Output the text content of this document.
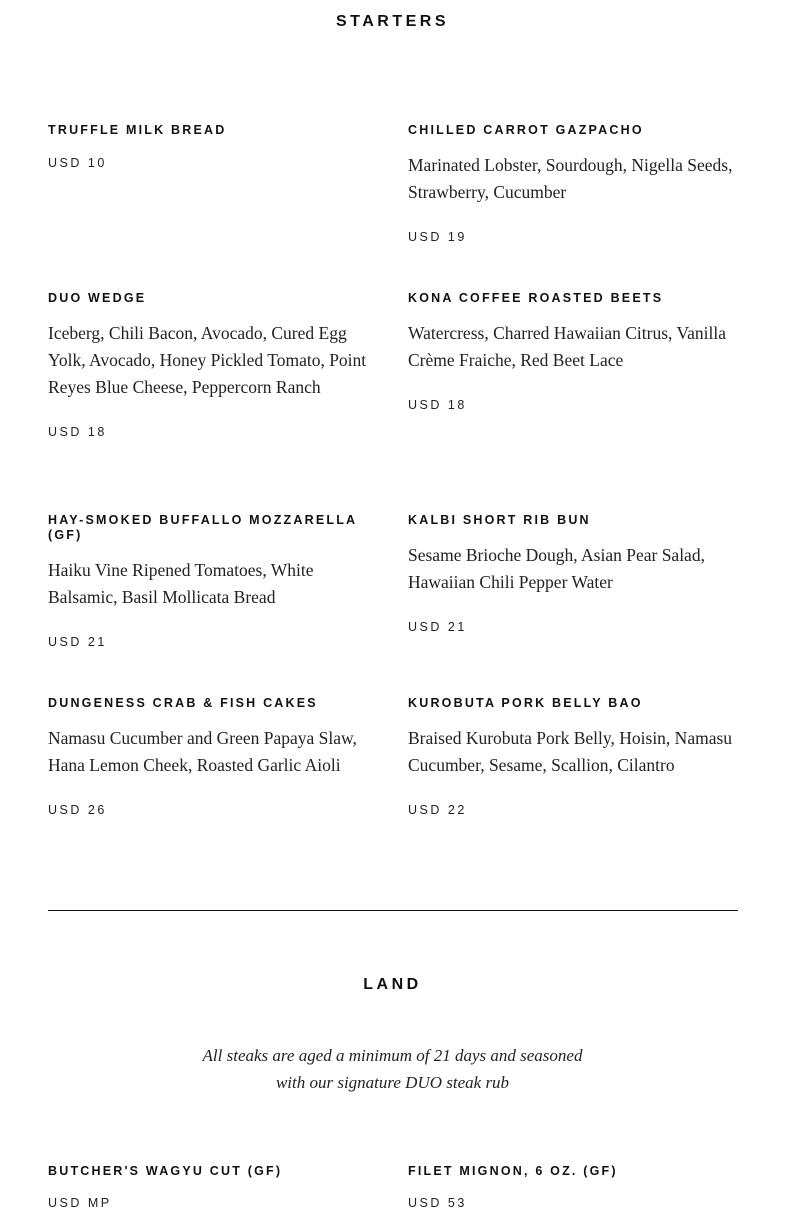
STARTERS

TRUFFLE MILK BREAD

USD 10

CHILLED CARROT GAZPACHO

Marinated Lobster, Sourdough, Nigella Seeds, Strawberry, Cucumber

USD 19

DUO WEDGE

Iceberg, Chili Bacon, Avocado, Cured Egg Yolk, Avocado, Honey Pickled Tomato, Point Reyes Blue Cheese, Peppercorn Ranch

USD 18

KONA COFFEE ROASTED BEETS

Watercress, Charred Hawaiian Citrus, Vanilla Crème Fraiche, Red Beet Lace

USD 18

HAY-SMOKED BUFFALLO MOZZARELLA (GF)

Haiku Vine Ripened Tomatoes, White Balsamic, Basil Mollicata Bread

USD 21

KALBI SHORT RIB BUN

Sesame Brioche Dough, Asian Pear Salad, Hawaiian Chili Pepper Water

USD 21

DUNGENESS CRAB & FISH CAKES

Namasu Cucumber and Green Papaya Slaw, Hana Lemon Cheek, Roasted Garlic Aioli

USD 26

KUROBUTA PORK BELLY BAO

Braised Kurobuta Pork Belly, Hoisin, Namasu Cucumber, Sesame, Scallion, Cilantro

USD 22

LAND
All steaks are aged a minimum of 21 days and seasoned
with our signature DUO steak rub

BUTCHER'S WAGYU CUT (GF)

USD MP

FILET MIGNON, 6 OZ. (GF)

USD 53
